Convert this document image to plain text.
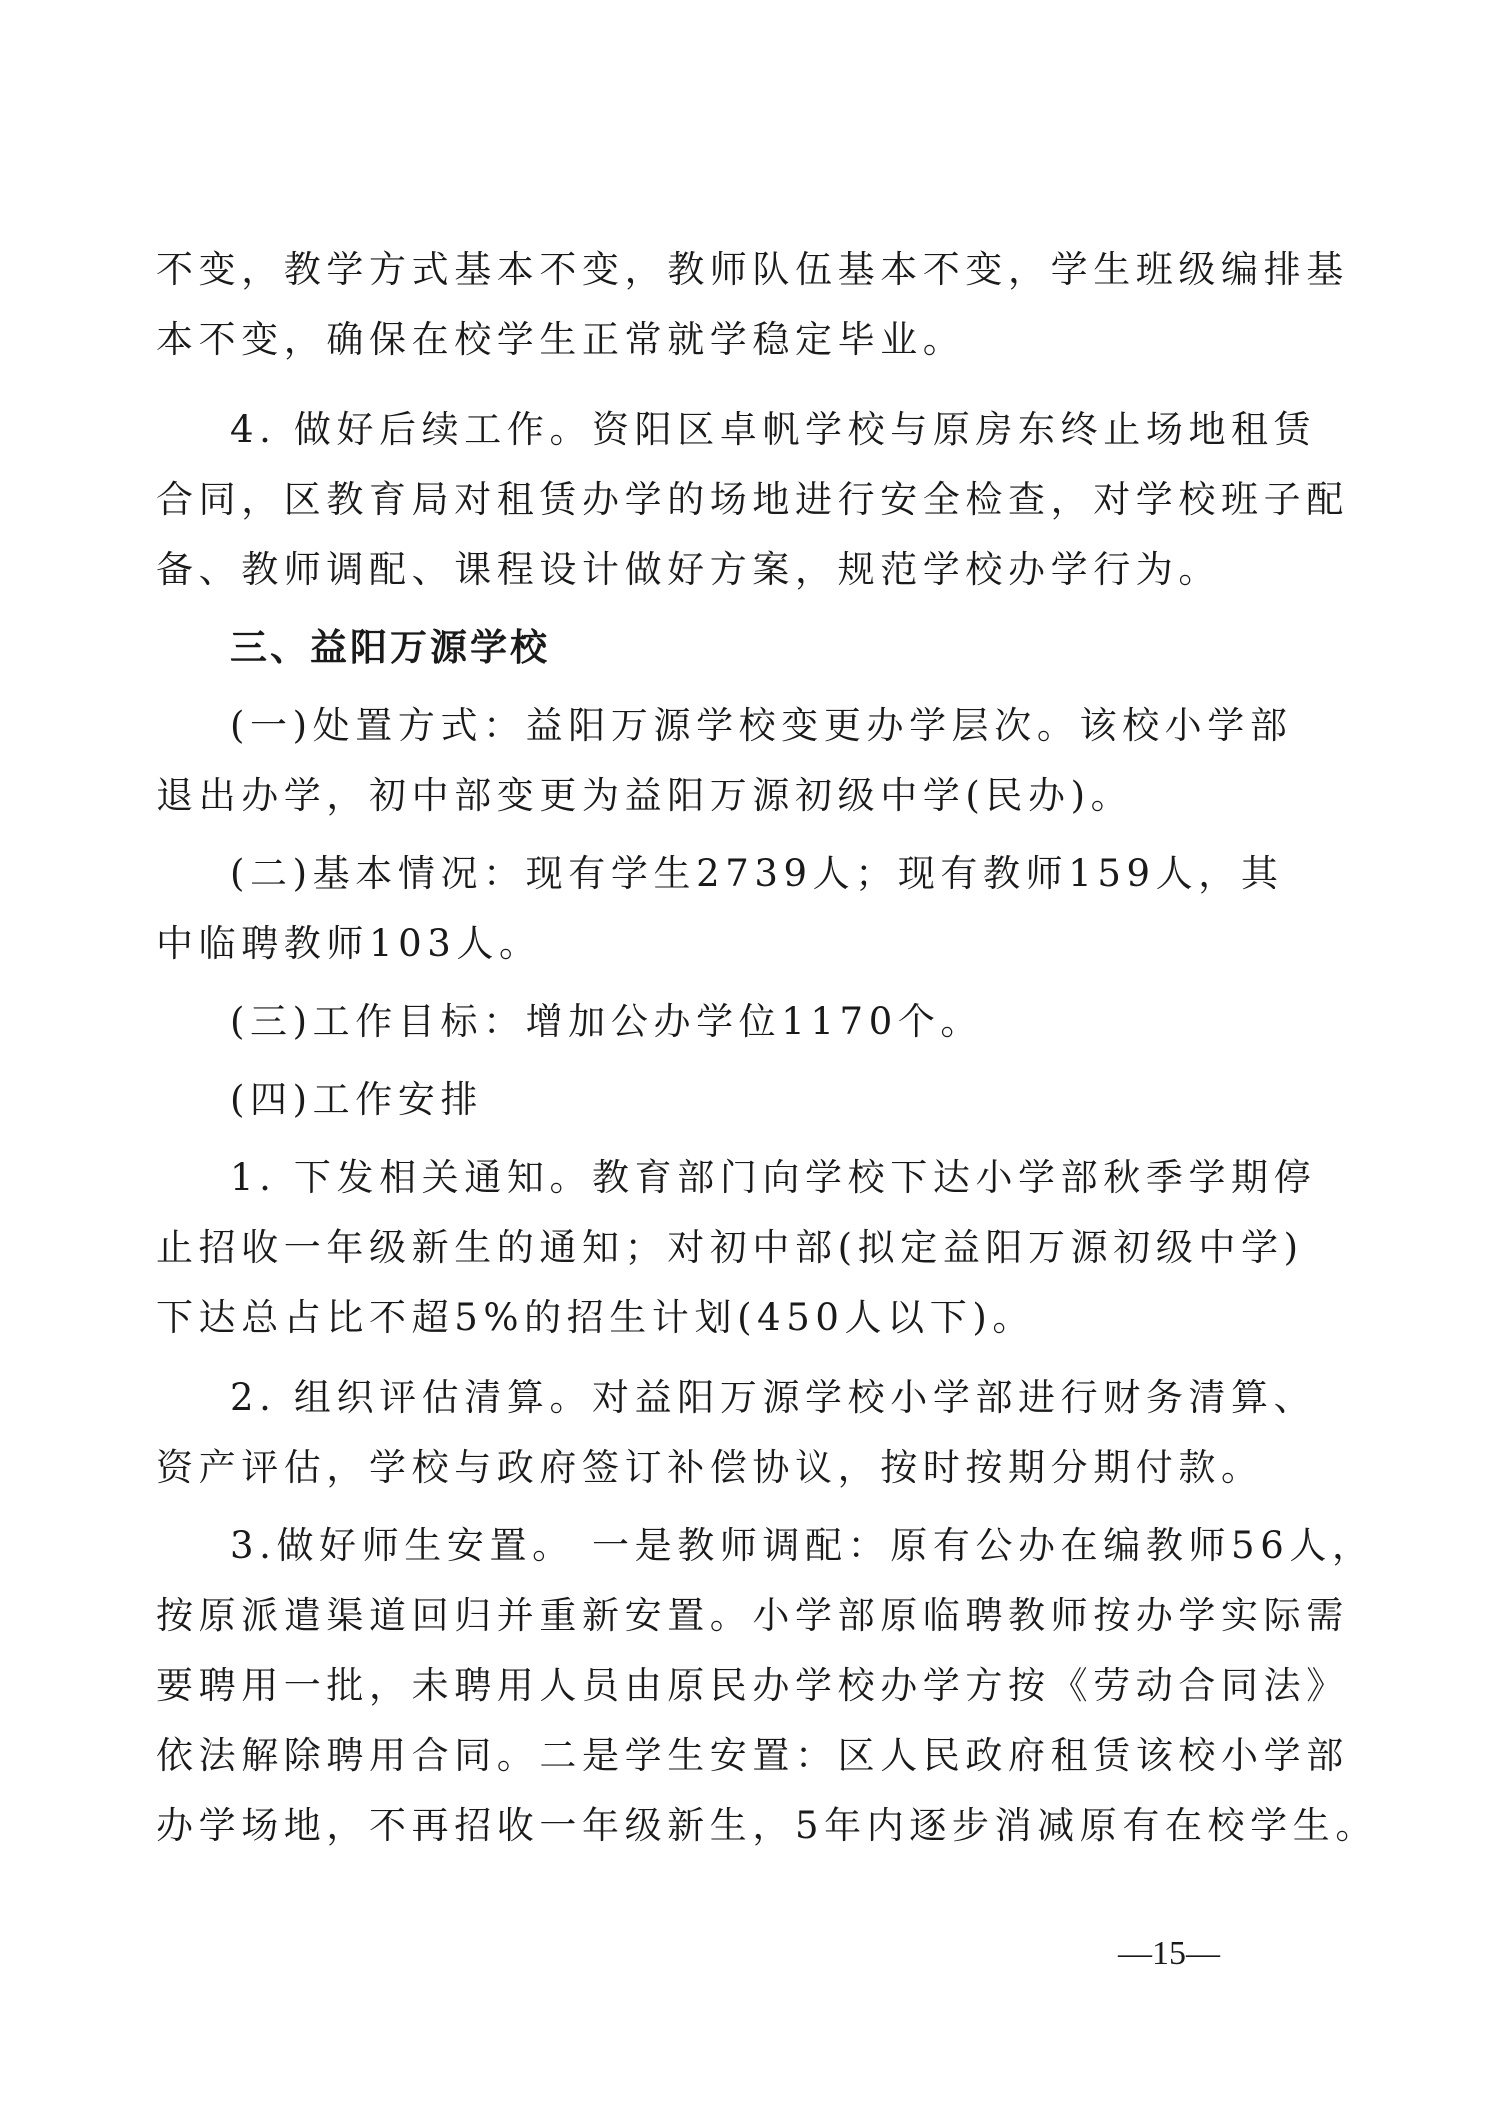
不变，教学方式基本不变，教师队伍基本不变，学生班级编排基
本不变，确保在校学生正常就学稳定毕业。
4. 做好后续工作。资阳区卓帆学校与原房东终止场地租赁
合同，区教育局对租赁办学的场地进行安全检查，对学校班子配
备、教师调配、课程设计做好方案，规范学校办学行为。
三、益阳万源学校
(一)处置方式：益阳万源学校变更办学层次。该校小学部
退出办学，初中部变更为益阳万源初级中学(民办)。
(二)基本情况：现有学生2739人；现有教师159人，其
中临聘教师103人。
(三)工作目标：增加公办学位1170个。
(四)工作安排
1. 下发相关通知。教育部门向学校下达小学部秋季学期停
止招收一年级新生的通知；对初中部(拟定益阳万源初级中学)
下达总占比不超5%的招生计划(450人以下)。
2. 组织评估清算。对益阳万源学校小学部进行财务清算、
资产评估，学校与政府签订补偿协议，按时按期分期付款。
3.做好师生安置。 一是教师调配：原有公办在编教师56人，
按原派遣渠道回归并重新安置。小学部原临聘教师按办学实际需
要聘用一批，未聘用人员由原民办学校办学方按《劳动合同法》
依法解除聘用合同。二是学生安置：区人民政府租赁该校小学部
办学场地，不再招收一年级新生，5年内逐步消减原有在校学生。
—15—
